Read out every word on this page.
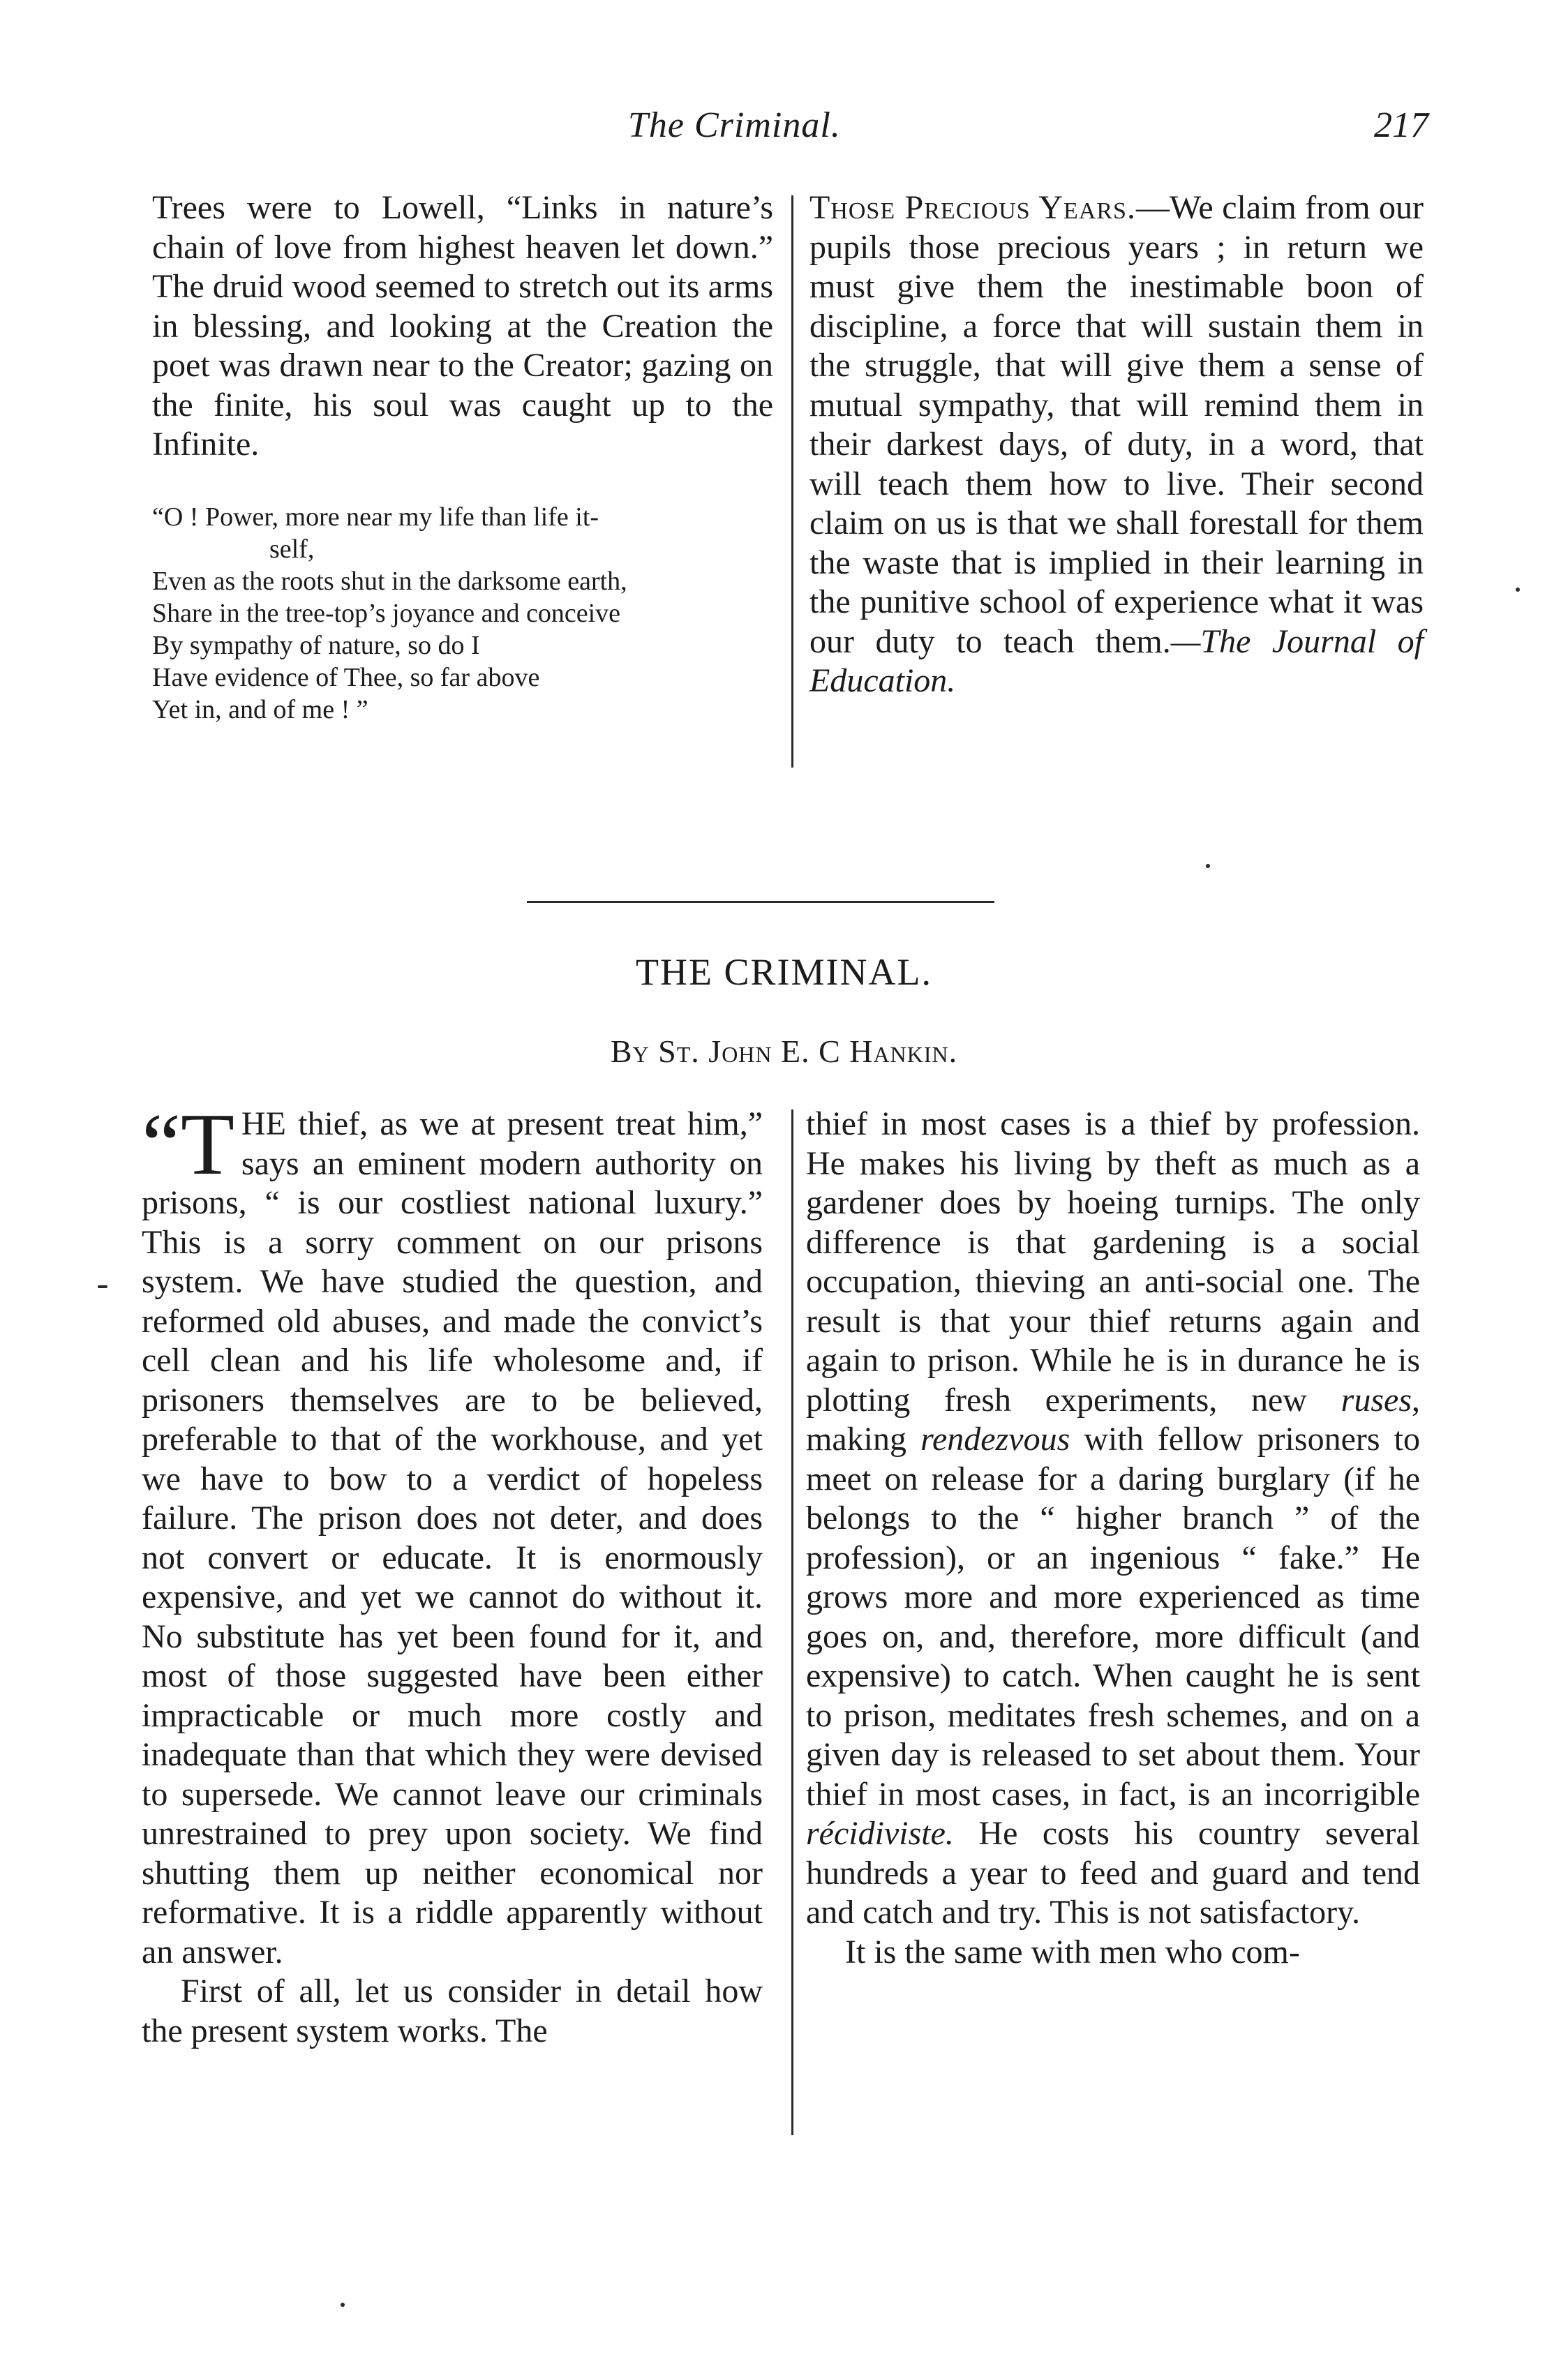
The Criminal.	217

Trees were to Lowell, “Links in nature’s chain of love from highest heaven let down.” The druid wood seemed to stretch out its arms in blessing, and looking at the Creation the poet was drawn near to the Creator; gazing on the finite, his soul was caught up to the Infinite.

“O ! Power, more near my life than life it-
self,
Even as the roots shut in the darksome earth,
Share in the tree-top’s joyance and conceive
By sympathy of nature, so do I
Have evidence of Thee, so far above
Yet in, and of me ! ”

Those Precious Years.—We claim from our pupils those precious years ; in return we must give them the inestimable boon of discipline, a force that will sustain them in the struggle, that will give them a sense of mutual sympathy, that will remind them in their darkest days, of duty, in a word, that will teach them how to live. Their second claim on us is that we shall forestall for them the waste that is implied in their learning in the punitive school of experience what it was our duty to teach them.—The Journal of Education.

THE CRIMINAL.
By St. John E. C Hankin.

“T HE thief, as we at present treat him,” says an eminent modern authority on prisons, “ is our costliest national luxury.” This is a sorry comment on our prisons system. We have studied the question, and reformed old abuses, and made the convict’s cell clean and his life wholesome and, if prisoners themselves are to be believed, preferable to that of the workhouse, and yet we have to bow to a verdict of hopeless failure. The prison does not deter, and does not convert or educate. It is enormously expensive, and yet we cannot do without it. No substitute has yet been found for it, and most of those suggested have been either impracticable or much more costly and inadequate than that which they were devised to supersede. We cannot leave our criminals unrestrained to prey upon society. We find shutting them up neither economical nor reformative. It is a riddle apparently without an answer.

First of all, let us consider in detail how the present system works. The

thief in most cases is a thief by profession. He makes his living by theft as much as a gardener does by hoeing turnips. The only difference is that gardening is a social occupation, thieving an anti-social one. The result is that your thief returns again and again to prison. While he is in durance he is plotting fresh experiments, new ruses, making rendezvous with fellow prisoners to meet on release for a daring burglary (if he belongs to the “ higher branch ” of the profession), or an ingenious “ fake.” He grows more and more experienced as time goes on, and, therefore, more difficult (and expensive) to catch. When caught he is sent to prison, meditates fresh schemes, and on a given day is released to set about them. Your thief in most cases, in fact, is an incorrigible récidiviste. He costs his country several hundreds a year to feed and guard and tend and catch and try. This is not satisfactory.

It is the same with men who com-
